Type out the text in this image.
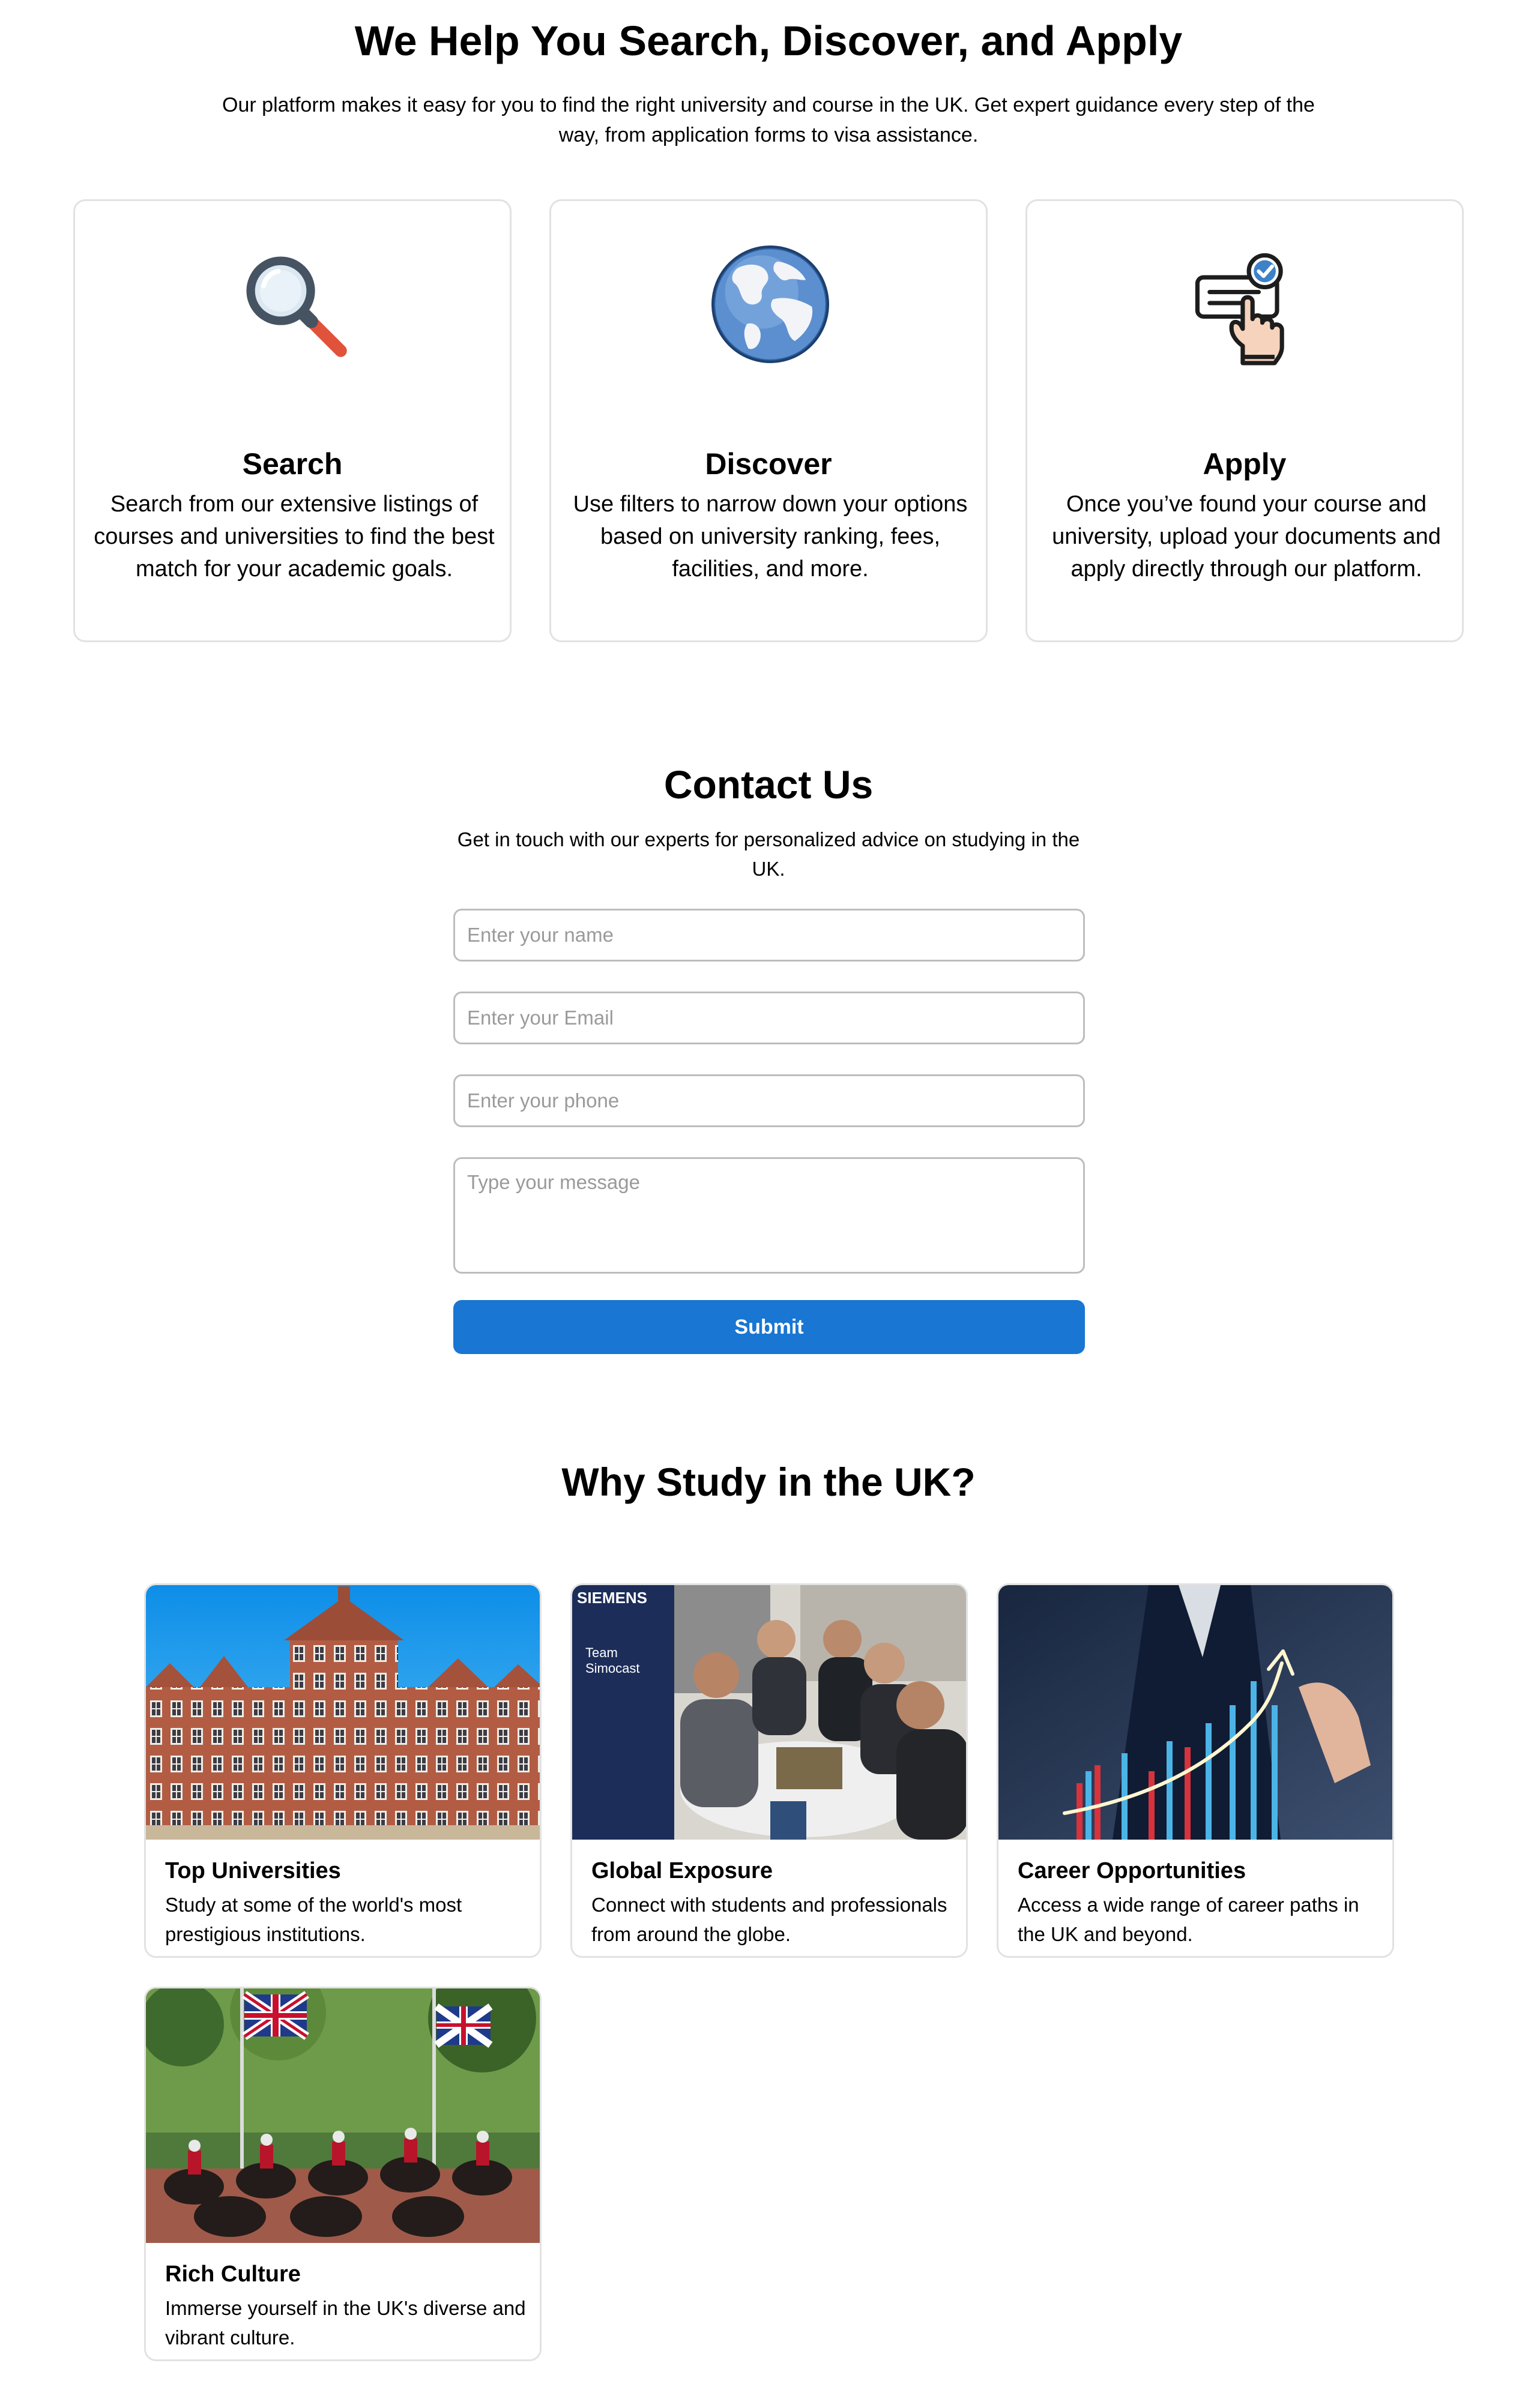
We Help You Search, Discover, and Apply

Our platform makes it easy for you to find the right university and course in the UK. Get expert guidance every step of the way, from application forms to visa assistance.

Search

Search from our extensive listings of courses and universities to find the best match for your academic goals.

Discover

Use filters to narrow down your options based on university ranking, fees, facilities, and more.

Apply

Once you’ve found your course and university, upload your documents and apply directly through our platform.

Contact Us

Get in touch with our experts for personalized advice on studying in the UK.

Enter your name
Enter your Email
Enter your phone
Type your message
Submit
Why Study in the UK?
Top Universities

Study at some of the world's most prestigious institutions.

SIEMENS
Team
Simocast
Global Exposure

Connect with students and professionals from around the globe.

Career Opportunities

Access a wide range of career paths in the UK and beyond.

Rich Culture

Immerse yourself in the UK's diverse and vibrant culture.
